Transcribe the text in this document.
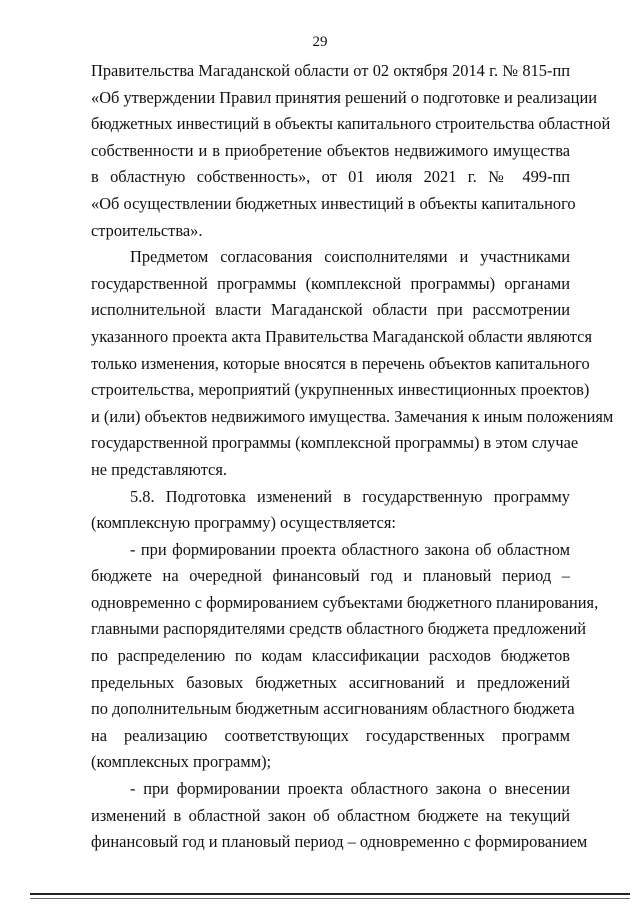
29
Правительства Магаданской области от 02 октября 2014 г. № 815-пп
«Об утверждении Правил принятия решений о подготовке и реализации
бюджетных инвестиций в объекты капитального строительства областной
собственности и в приобретение объектов недвижимого имущества
в областную собственность», от 01 июля 2021 г. № 499-пп
«Об осуществлении бюджетных инвестиций в объекты капитального
строительства».
Предметом согласования соисполнителями и участниками
государственной программы (комплексной программы) органами
исполнительной власти Магаданской области при рассмотрении
указанного проекта акта Правительства Магаданской области являются
только изменения, которые вносятся в перечень объектов капитального
строительства, мероприятий (укрупненных инвестиционных проектов)
и (или) объектов недвижимого имущества. Замечания к иным положениям
государственной программы (комплексной программы) в этом случае
не представляются.
5.8. Подготовка изменений в государственную программу
(комплексную программу) осуществляется:
- при формировании проекта областного закона об областном
бюджете на очередной финансовый год и плановый период –
одновременно с формированием субъектами бюджетного планирования,
главными распорядителями средств областного бюджета предложений
по распределению по кодам классификации расходов бюджетов
предельных базовых бюджетных ассигнований и предложений
по дополнительным бюджетным ассигнованиям областного бюджета
на реализацию соответствующих государственных программ
(комплексных программ);
- при формировании проекта областного закона о внесении
изменений в областной закон об областном бюджете на текущий
финансовый год и плановый период – одновременно с формированием
